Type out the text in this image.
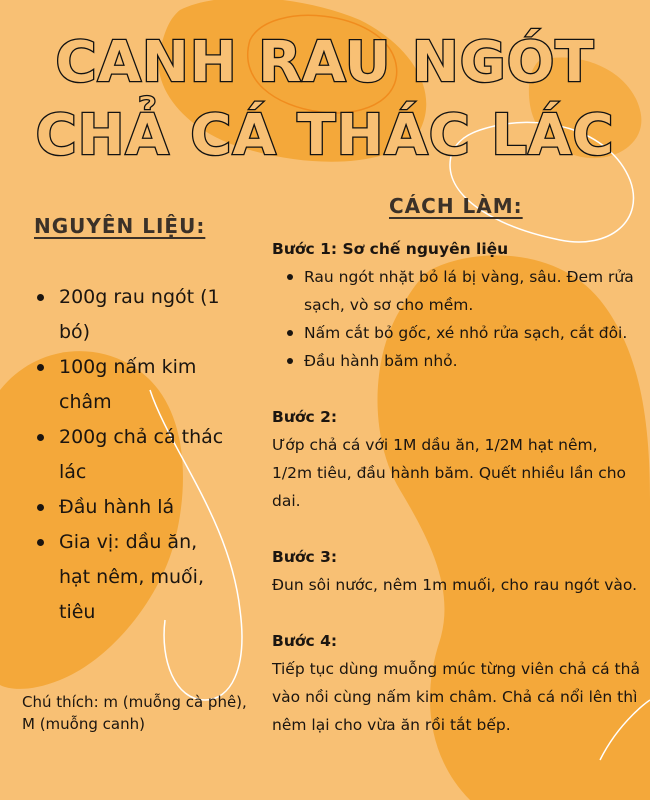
CANH RAU NGÓT
CHẢ CÁ THÁC LÁC
NGUYÊN LIỆU:
200g rau ngót (1 bó)
100g nấm kim châm
200g chả cá thác lác
Đầu hành lá
Gia vị: dầu ăn, hạt nêm, muối, tiêu

Chú thích: m (muỗng cà phê), M (muỗng canh)

CÁCH LÀM:

Bước 1: Sơ chế nguyên liệu

Rau ngót nhặt bỏ lá bị vàng, sâu. Đem rửa sạch, vò sơ cho mềm.
Nấm cắt bỏ gốc, xé nhỏ rửa sạch, cắt đôi.
Đầu hành băm nhỏ.

Bước 2:

Ướp chả cá với 1M dầu ăn, 1/2M hạt nêm, 1/2m tiêu, đầu hành băm. Quết nhiều lần cho dai.

Bước 3:

Đun sôi nước, nêm 1m muối, cho rau ngót vào.

Bước 4:

Tiếp tục dùng muỗng múc từng viên chả cá thả vào nồi cùng nấm kim châm. Chả cá nổi lên thì nêm lại cho vừa ăn rồi tắt bếp.
